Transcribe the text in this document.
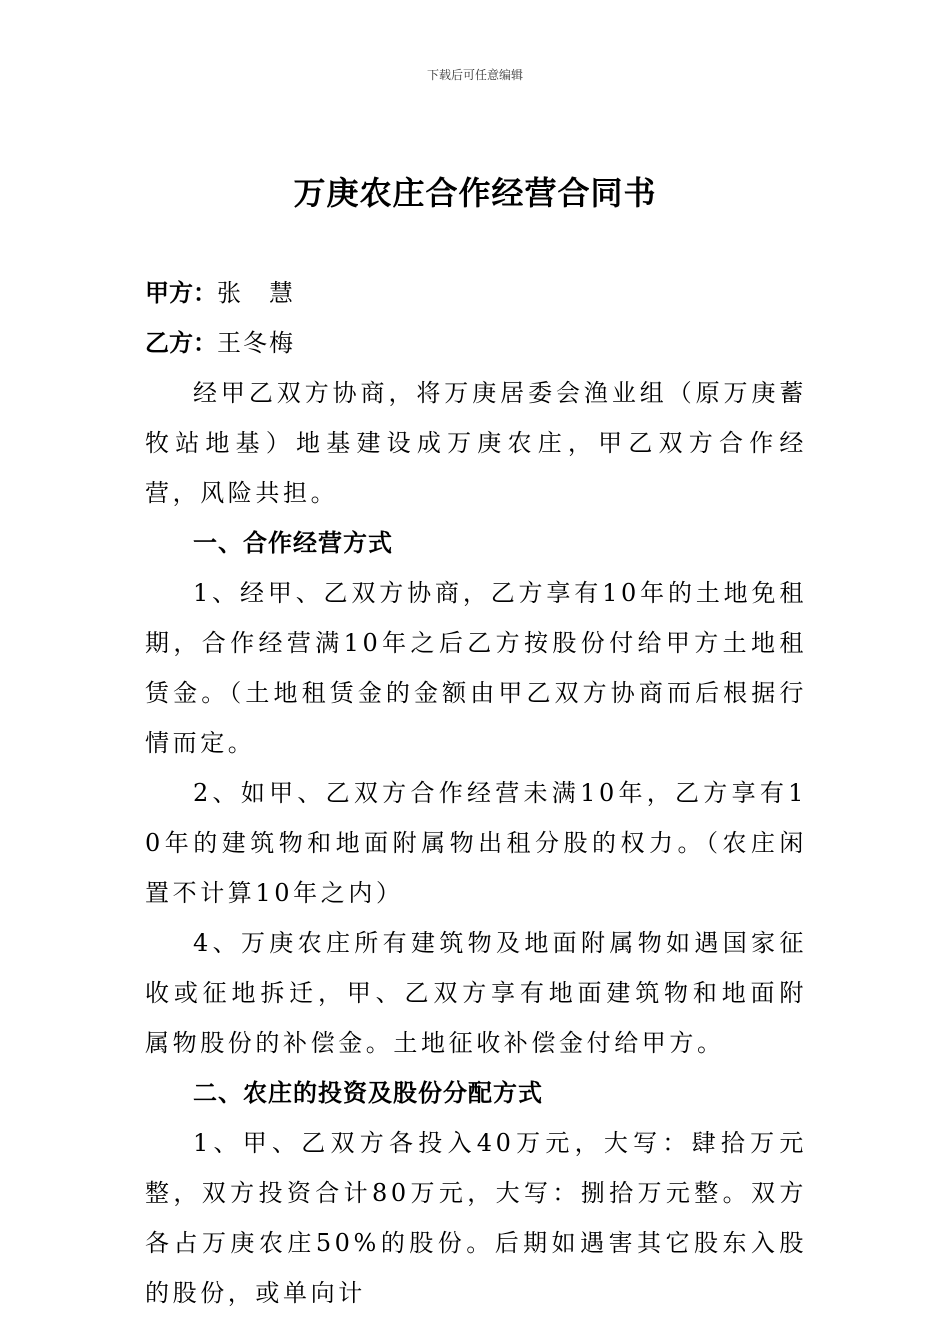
下载后可任意编辑
万庚农庄合作经营合同书
甲方：张　慧
乙方：王冬梅
经甲乙双方协商，将万庚居委会渔业组（原万庚蓄牧站地基）地基建设成万庚农庄，甲乙双方合作经营，风险共担。
一、合作经营方式
1、经甲、乙双方协商，乙方享有10年的土地免租期，合作经营满10年之后乙方按股份付给甲方土地租赁金。（土地租赁金的金额由甲乙双方协商而后根据行情而定。
2、如甲、乙双方合作经营未满10年，乙方享有10年的建筑物和地面附属物出租分股的权力。（农庄闲置不计算10年之内）
4、万庚农庄所有建筑物及地面附属物如遇国家征收或征地拆迁，甲、乙双方享有地面建筑物和地面附属物股份的补偿金。土地征收补偿金付给甲方。
二、农庄的投资及股份分配方式
1、甲、乙双方各投入40万元，大写：肆拾万元整，双方投资合计80万元，大写：捌拾万元整。双方各占万庚农庄50%的股份。后期如遇害其它股东入股的股份，或单向计
